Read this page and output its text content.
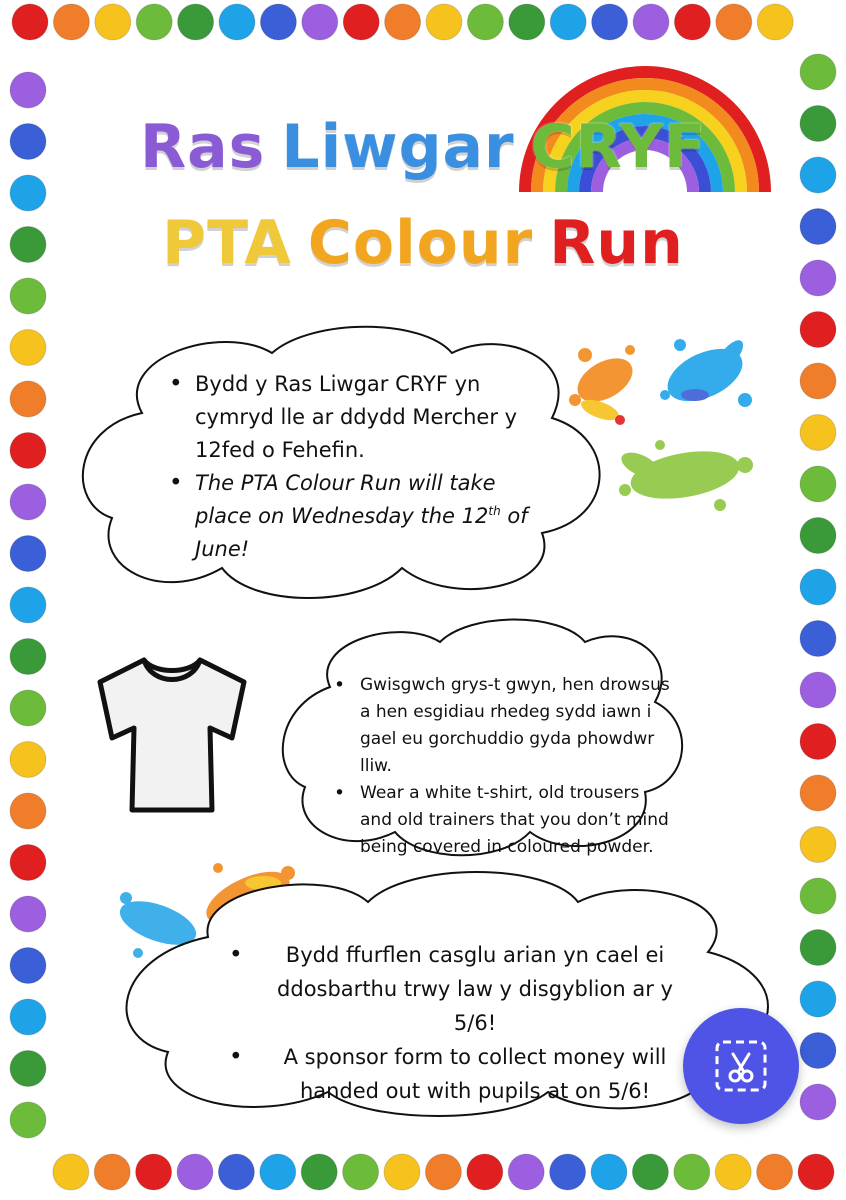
Ras Liwgar CRYF
PTA Colour Run
• Bydd y Ras Liwgar CRYF yn cymryd lle ar ddydd Mercher y 12fed o Fehefin.
• The PTA Colour Run will take place on Wednesday the 12th of June!
• Gwisgwch grys-t gwyn, hen drowsus a hen esgidiau rhedeg sydd iawn i gael eu gorchuddio gyda phowdwr lliw.
• Wear a white t-shirt, old trousers and old trainers that you don’t mind being covered in coloured powder.
• Bydd ffurflen casglu arian yn cael ei ddosbarthu trwy law y disgyblion ar y 5/6!
• A sponsor form to collect money will handed out with pupils at on 5/6!
